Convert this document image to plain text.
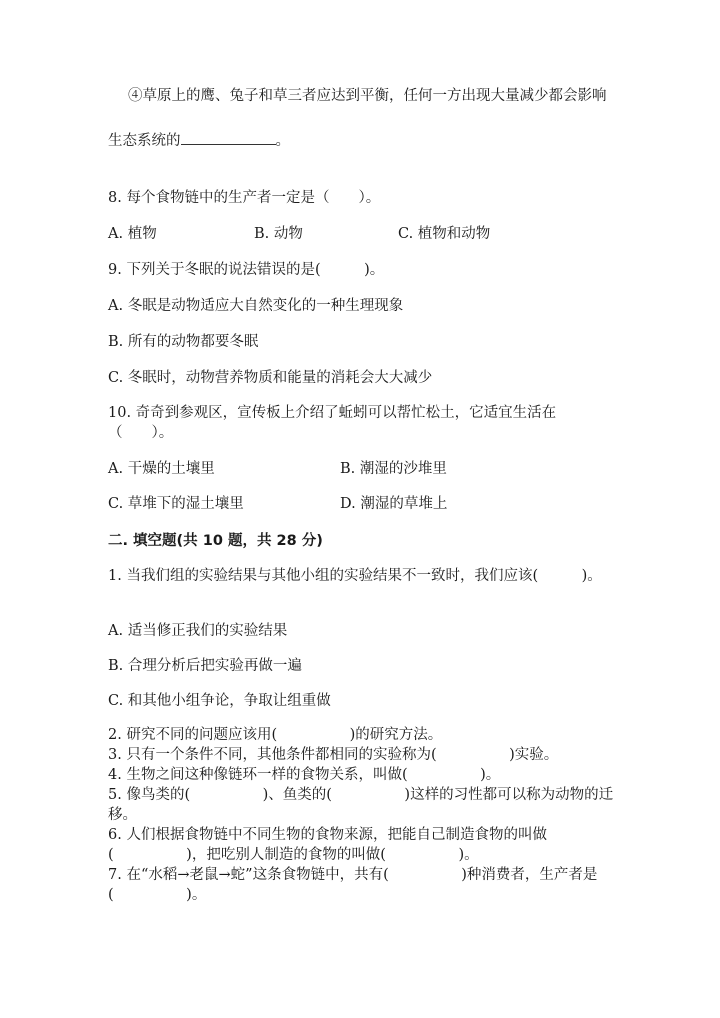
④草原上的鹰、兔子和草三者应达到平衡，任何一方出现大量减少都会影响
生态系统的	。
8. 每个食物链中的生产者一定是（　　）。
A. 植物	B. 动物	C. 植物和动物
9. 下列关于冬眠的说法错误的是(　　　)。
A. 冬眠是动物适应大自然变化的一种生理现象
B. 所有的动物都要冬眠
C. 冬眠时，动物营养物质和能量的消耗会大大减少
10. 奇奇到参观区，宣传板上介绍了蚯蚓可以帮忙松土，它适宜生活在
（　　）。
A. 干燥的土壤里	B. 潮湿的沙堆里
C. 草堆下的湿土壤里	D. 潮湿的草堆上
二. 填空题(共 10 题，共 28 分)
1. 当我们组的实验结果与其他小组的实验结果不一致时，我们应该(　　　)。
A. 适当修正我们的实验结果
B. 合理分析后把实验再做一遍
C. 和其他小组争论，争取让组重做
2. 研究不同的问题应该用(　　　　　)的研究方法。
3. 只有一个条件不同，其他条件都相同的实验称为(　　　　　)实验。
4. 生物之间这种像链环一样的食物关系，叫做(　　　　　)。
5. 像鸟类的(　　　　　)、鱼类的(　　　　　)这样的习性都可以称为动物的迁
移。
6. 人们根据食物链中不同生物的食物来源，把能自己制造食物的叫做
(　　　　　)，把吃别人制造的食物的叫做(　　　　　)。
7. 在“水稻→老鼠→蛇”这条食物链中，共有(　　　　　)种消费者，生产者是
(　　　　　)。
